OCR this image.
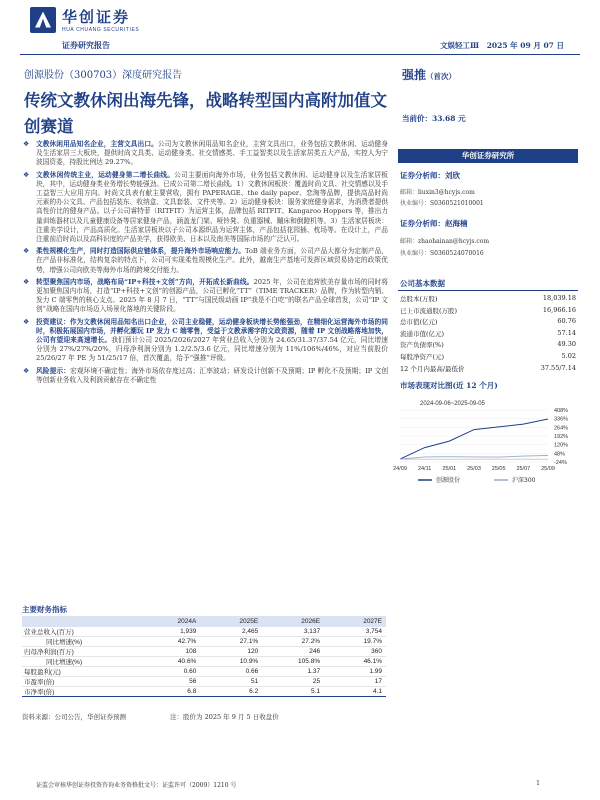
华创证券
HUA CHUANG SECURITIES
证券研究报告	文娱轻工Ⅲ　2025 年 09 月 07 日
创源股份（300703）深度研究报告
传统文教休闲出海先锋，战略转型国内高附加值文创赛道
强推（首次）
当前价：33.68 元
华创证券研究所
证券分析师：刘欣
邮箱：liuxin3@hcyjs.com
执业编号：S0360521010001
证券分析师：赵海楠
邮箱：zhaohainan@hcyjs.com
执业编号：S0360524070016
公司基本数据
总股本(万股)	18,039.18
已上市流通股(万股)	16,966.16
总市值(亿元)	60.76
流通市值(亿元)	57.14
资产负债率(%)	49.30
每股净资产(元)	5.02
12 个月内最高/最低价	37.55/7.14
市场表现对比图(近 12 个月)
2024-09-06~2025-09-05
-24%
48%
120%
192%
264%
336%
408%
24/09 24/11 25/01 25/03 25/05 25/07 25/09
创源股份	沪深300
❖ 文教休闲用品知名企业，主营文具出口。公司为文教休闲用品知名企业，主营文具出口，业务包括文教休闲、运动健身及生活家居三大板块，提供时尚文具类、运动健身类、社交情感类、手工益智类以及生活家居类五大产品，实控人为宁波国资委，持股比例达 29.27%。
❖ 文教休闲传统主业，运动健身第二增长曲线。公司主要面向海外市场，业务包括文教休闲、运动健身以及生活家居板块，其中，运动健身类业务增长势能强劲。已成公司第二增长曲线。1）文教休闲板块：覆盖时尚文具、社交情感以及手工益智三大应用方向。时尚文具表有献主要营收，拥有 PAPERAGE、the daily paper、恋淘等品牌，提供高品时尚元素的办公文具、产品包括装东、收纳盒、文具套装、文件夹等。2）运动健身板块：服务家庭健身需求，为消费者提供高性价比的健身产品。以子公司睿特菲（RITFIT）为运营主体，品牌包括 RITFIT、Kangaroo Hoppers 等，推出力量训练器材以及儿童健康设备等居家健身产品，涵盖龙门架、哑铃凳、负重器械、蹦床和倒蹬机等。3）生活家居板块：注重美学设计，产品高质化。生活家居板块以子公司本源织品为运营主体，产品包括花园插、枕场等。在设计上，产品注重前沿时尚以及高科识度的产品美学，获得欧美、日本以及南美等国际市场的广泛认可。
❖ 柔性规模化生产，同时打造国际供应链体系，提升海外市场响应能力。ToB 端业务方面，公司产品大都分为定制产品，在产品非标准化，结构复杂的特点下，公司可实现柔性规模化生产。此外，越南生产基地可发挥区域贸易协定的政策优势，增强公司向欧美等海外市场的跨境交付能力。
❖ 转型聚焦国内市场，战略布局“IP+科技+文创”方向，开拓成长新曲线。2025 年，公司在追营欧美存量市场的同时将更加聚焦国内市场，打造“IP+科技+文创”的创源产品，公司已孵化“TT”（TIME TRACKER）品牌，作为转型内销、发力 C 端零售的核心支点。2025 年 8 月 7 日，“TT”与国民级动画 IP“我是不白吃”的联名产品全球首发，公司“IP 文创”战略在国内市场迈入场景化落地的关键阶段。
❖ 投资建议：作为文教休闲用品知名出口企业，公司主业稳健，运动健身板块增长势能强劲，在精细化运营海外市场的同时，积极拓展国内市场，并孵化潮玩 IP 发力 C 端零售，受益于文教承需字的文政资源，随着 IP 文创战略落地加快，公司有望迎来高速增长。我们预计公司 2025/2026/2027 年营业总收入分别为 24.65/31.37/37.54 亿元，同比增速分别为 27%/27%/20%，归母净利润分别为 1.2/2.5/3.6 亿元，同比增速分别为 11%/106%/46%，对应当前股价 25/26/27 年 PE 为 51/25/17 倍，首次覆盖，给予“强推”评级。
❖ 风险提示：宏观环境不确定性；海外市场依存度过高；汇率波动；研发设计创新不及预期；IP 孵化不及预期；IP 文创等创新业务收入及利润贡献存在不确定性
主要财务指标
	2024A	2025E	2026E	2027E
营业总收入(百万)	1,939	2,465	3,137	3,754
同比增速(%)	42.7%	27.1%	27.2%	19.7%
归母净利润(百万)	108	120	246	360
同比增速(%)	40.6%	10.9%	105.8%	46.1%
每股盈利(元)	0.60	0.66	1.37	1.99
市盈率(倍)	56	51	25	17
市净率(倍)	6.8	6.2	5.1	4.1
资料来源：公司公告，华创证券预测	注：股价为 2025 年 9 月 5 日收盘价
证监会审核华创证券投资咨询业务资格批文号：证监许可（2009）1210 号	1
